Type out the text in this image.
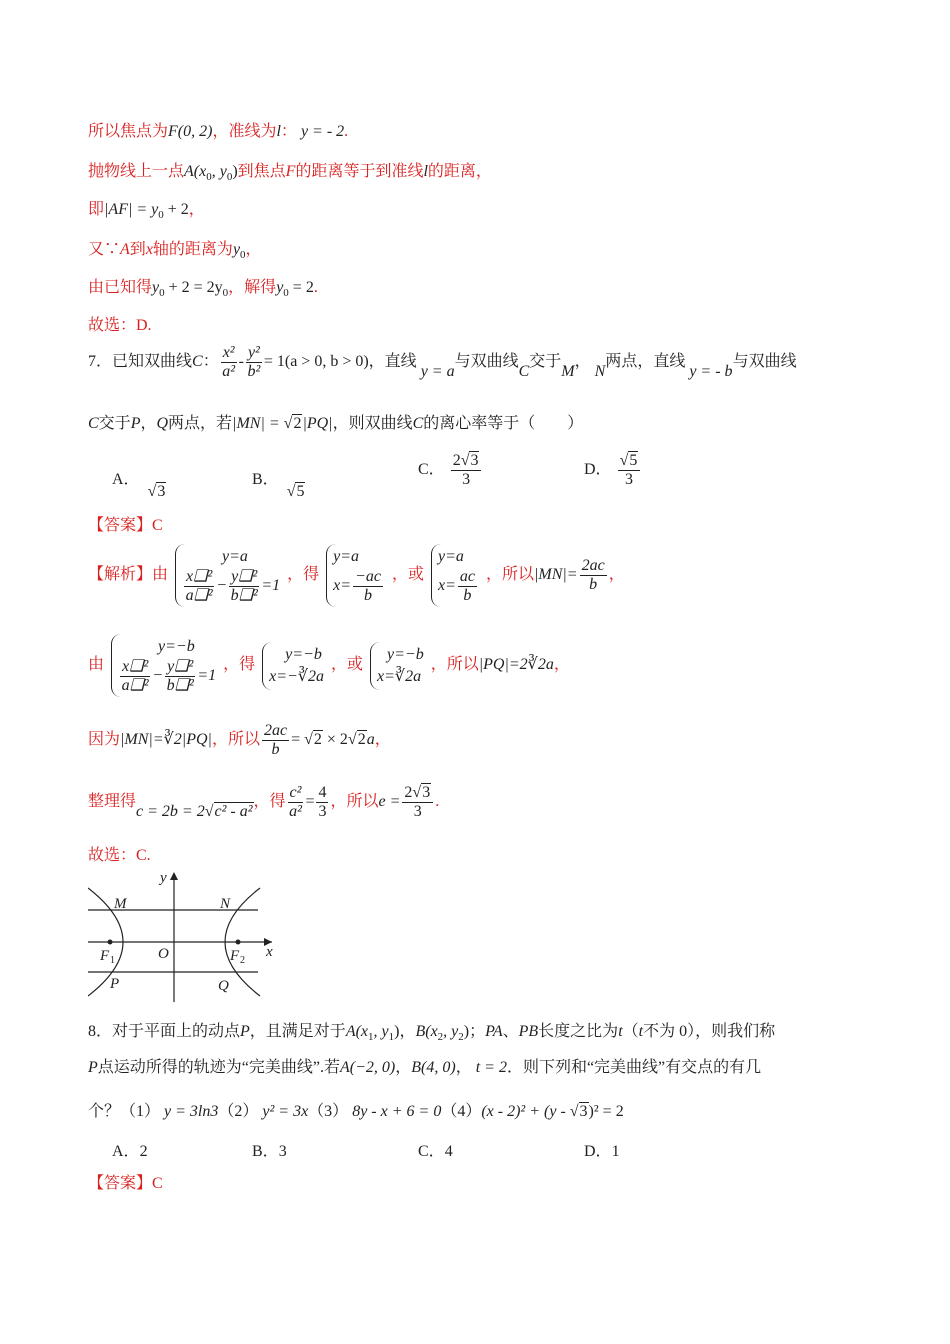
所以焦点为F(0, 2)，准线为l： y = - 2.
抛物线上一点$A(x_0$, $y_0$)到焦点F的距离等于到准线l的距离，
即$|AF| = y_0 + 2$，
又∵A到x轴的距离为$y_0$，
由已知得$y_0 + 2 = 2y_0$，解得$y_0 = 2$.
故选：D.
7．已知双曲线C： $\frac{\text{x²}}{\text{a²}} - \frac{\text{y²}}{\text{b²}} = 1(a > 0$, b > 0)，直线 y = a与双曲线C交于M， N两点，直线 y = - b与双曲线
C交于P，Q两点，若|MN| = √2|PQ|，则双曲线C的离心率等于（　　）
A．  √3
B．  √5
C． $\frac{2√3}{3}$	D． $\frac{√5}{3}$
【答案】C
【解析】由
y=a
$\frac{\text{x❑²}}{\text{a❑²}} - \frac{\text{y❑²}}{\text{b❑²}} =1$
，得
y=a
$x= \frac{-ac}{b}$ ，或
y=a
$x= \frac{ac}{b}$ ，所以$|MN|= \frac{2ac}{b}$ ，
由
y=−b
$\frac{\text{x❑²}}{\text{a❑²}} - \frac{\text{y❑²}}{\text{b❑²}} =1$
，得
y=−b
x=−∛2a
，或
y=−b
x=∛2a
，所以|PQ|=2∛2a，
因为|MN|=∛2|PQ|，所以 $\frac{2ac}{b} = √2 \times 2√2a$，
整理得c = 2b = 2√c² - a²，得 $\frac{\text{c²}}{\text{a²}} = \frac{4}{3}$ ，所以$e = \frac{2√3}{3}$ .
故选：C.
y
x
O
M	N
P	Q
F	F
1	2
8．对于平面上的动点P，且满足对于$A(x_1$, $y_1$)，$B(x_2$, $y_2$)；PA、PB长度之比为t（t不为 0），则我们称
P点运动所得的轨迹为“完美曲线”.若A(−2, 0)，B(4, 0)， t = 2．则下列和“完美曲线”有交点的有几
个？（1） y = 3ln3（2） y² = 3x（3） 8y - x + 6 = 0（4）(x - 2)² + (y - √3)² = 2
A．2	B．3	C．4	D．1
【答案】C
